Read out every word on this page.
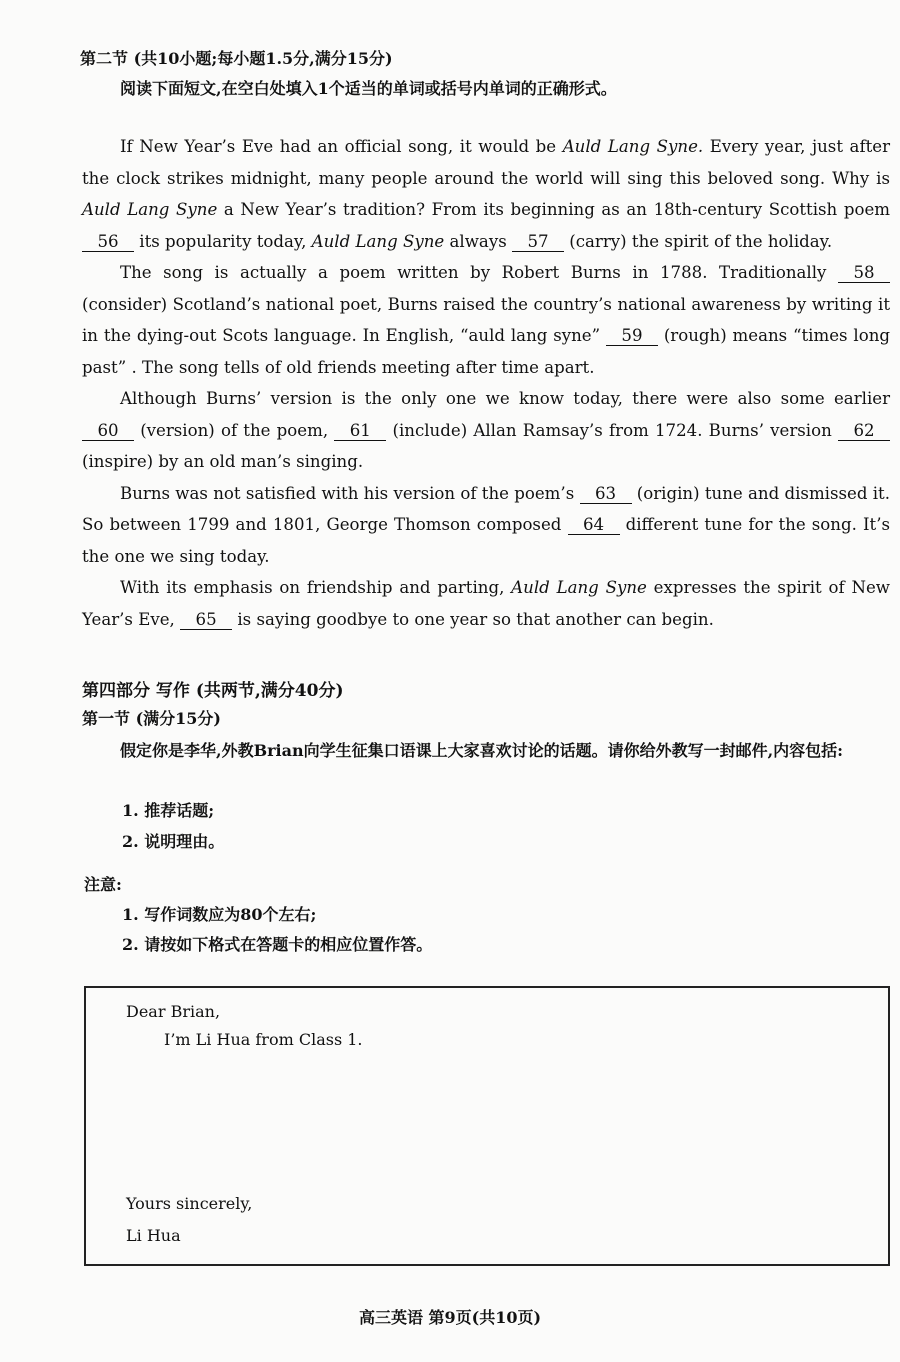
第二节 (共10小题;每小题1.5分,满分15分)
阅读下面短文,在空白处填入1个适当的单词或括号内单词的正确形式。

If New Year’s Eve had an official song, it would be Auld Lang Syne. Every year, just after the clock strikes midnight, many people around the world will sing this beloved song. Why is Auld Lang Syne a New Year’s tradition? From its beginning as an 18th-century Scottish poem 56 its popularity today, Auld Lang Syne always 57 (carry) the spirit of the holiday.

The song is actually a poem written by Robert Burns in 1788. Traditionally 58 (consider) Scotland’s national poet, Burns raised the country’s national awareness by writing it in the dying-out Scots language. In English, “auld lang syne” 59 (rough) means “times long past” . The song tells of old friends meeting after time apart.

Although Burns’ version is the only one we know today, there were also some earlier 60 (version) of the poem, 61 (include) Allan Ramsay’s from 1724. Burns’ version 62 (inspire) by an old man’s singing.

Burns was not satisfied with his version of the poem’s 63 (origin) tune and dismissed it. So between 1799 and 1801, George Thomson composed 64 different tune for the song. It’s the one we sing today.

With its emphasis on friendship and parting, Auld Lang Syne expresses the spirit of New Year’s Eve, 65 is saying goodbye to one year so that another can begin.

第四部分 写作 (共两节,满分40分)
第一节 (满分15分)
假定你是李华,外教Brian向学生征集口语课上大家喜欢讨论的话题。请你给外教写一封邮件,内容包括:
1. 推荐话题;
2. 说明理由。
注意:
1. 写作词数应为80个左右;
2. 请按如下格式在答题卡的相应位置作答。
Dear Brian,
I’m Li Hua from Class 1.
Yours sincerely,
Li Hua
高三英语 第9页(共10页)
